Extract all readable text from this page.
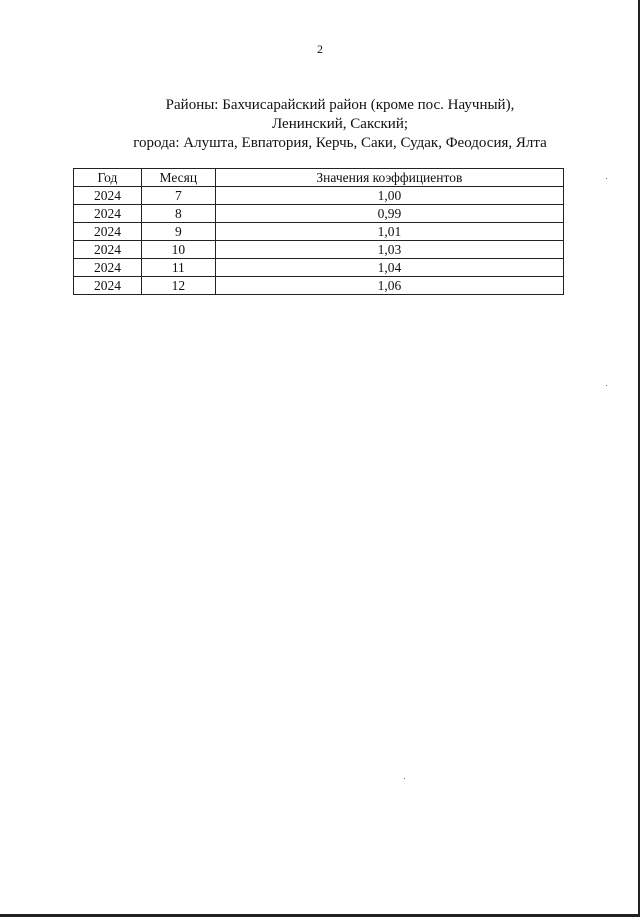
2
Районы: Бахчисарайский район (кроме пос. Научный),
Ленинский, Сакский;
города: Алушта, Евпатория, Керчь, Саки, Судак, Феодосия, Ялта
Год	Месяц	Значения коэффициентов
2024	7	1,00
2024	8	0,99
2024	9	1,01
2024	10	1,03
2024	11	1,04
2024	12	1,06
